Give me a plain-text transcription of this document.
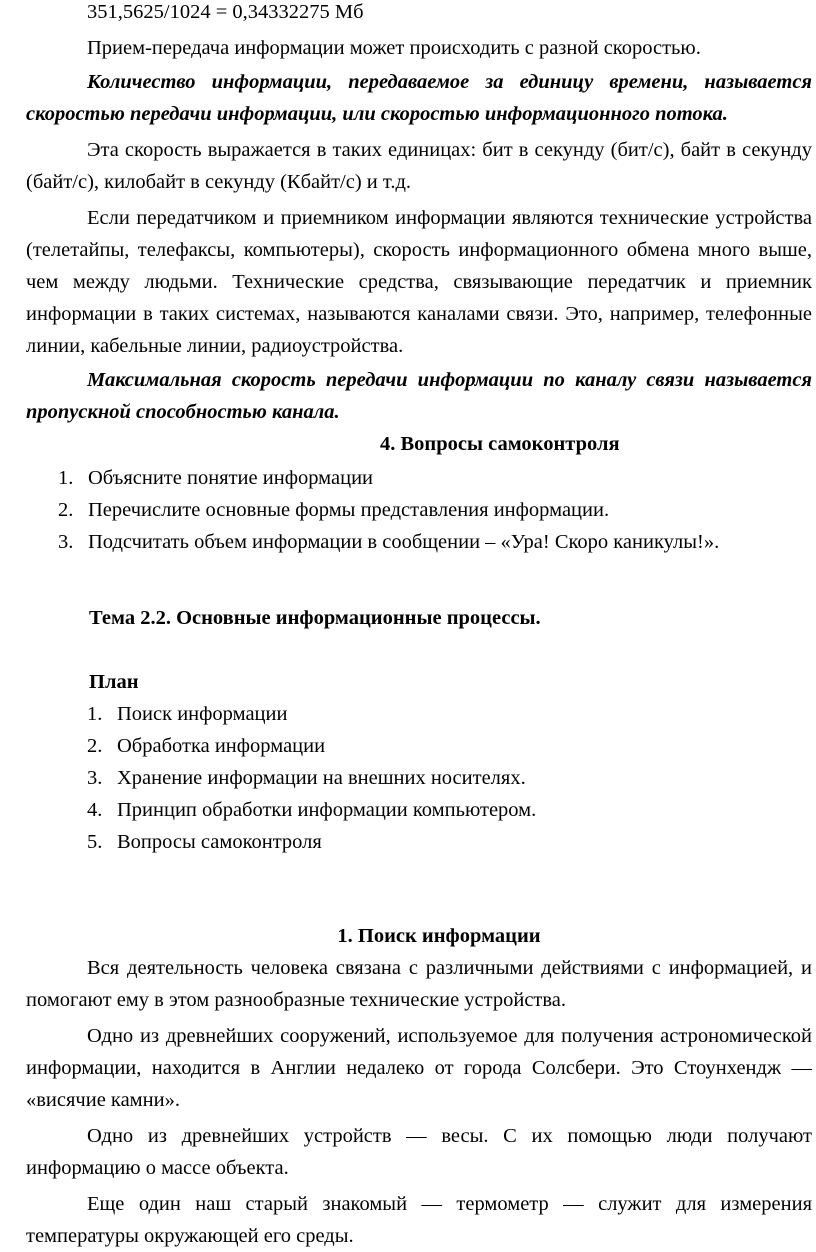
351,5625/1024 = 0,34332275 Мб

Прием-передача информации может происходить с разной скоростью.

Количество информации, передаваемое за единицу времени, называется скоростью передачи информации, или скоростью информационного потока.

Эта скорость выражается в таких единицах: бит в секунду (бит/с), байт в секунду (байт/с), килобайт в секунду (Кбайт/с) и т.д.

Если передатчиком и приемником информации являются технические устройства (телетайпы, телефаксы, компьютеры), скорость информационного обмена много выше, чем между людьми. Технические средства, связывающие передатчик и приемник информации в таких системах, называются каналами связи. Это, например, телефонные линии, кабельные линии, радиоустройства.

Максимальная скорость передачи информации по каналу связи называется пропускной способностью канала.

4. Вопросы самоконтроля

1. Объясните понятие информации
2. Перечислите основные формы представления информации.
3. Подсчитать объем информации в сообщении – «Ура! Скоро каникулы!».

Тема 2.2. Основные информационные процессы.

План

1. Поиск информации
2. Обработка информации
3. Хранение информации на внешних носителях.
4. Принцип обработки информации компьютером.
5. Вопросы самоконтроля

1. Поиск информации

Вся деятельность человека связана с различными действиями с информацией, и помогают ему в этом разнообразные технические устройства.

Одно из древнейших сооружений, используемое для получения астрономической информации, находится в Англии недалеко от города Солсбери. Это Стоунхендж — «висячие камни».

Одно из древнейших устройств — весы. С их помощью люди получают информацию о массе объекта.

Еще один наш старый знакомый — термометр — служит для измерения температуры окружающей его среды.
